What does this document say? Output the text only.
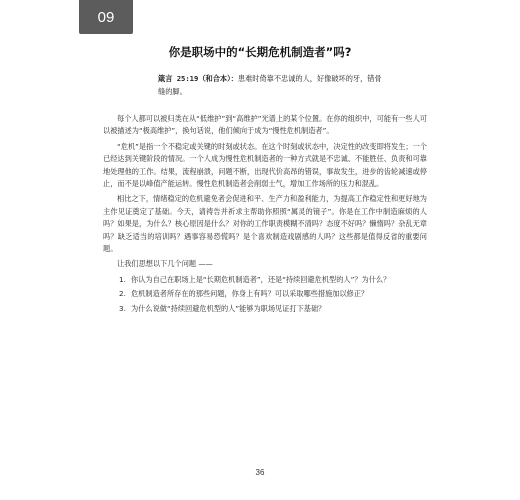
09
你是职场中的“长期危机制造者”吗?
箴言 25:19（和合本）：患难时倚靠不忠诚的人，好像破坏的牙，错骨缝的脚。

每个人都可以被归类在从“低维护”到“高维护”光谱上的某个位置。在你的组织中，可能有一些人可以被描述为“极高维护”，换句话说，他们倾向于成为“慢性危机制造者”。

“危机”是指一个不稳定或关键的时刻或状态。在这个时刻或状态中，决定性的改变即将发生；一个已经达到关键阶段的情况。一个人成为慢性危机制造者的一种方式就是不忠诚、不能胜任、负责和可靠地处理他的工作。结果，流程崩溃，问题不断，出现代价高昂的错误，事故发生，进步的齿轮减速或停止，而不是以峰值产能运转。慢性危机制造者会削弱士气，增加工作场所的压力和混乱。

相比之下，情绪稳定的危机避免者会促进和平、生产力和盈利能力，为提高工作稳定性和更好地为主作见证奠定了基础。今天，请祷告并祈求主帮助你照照“属灵的镜子”。你是在工作中制造麻烦的人吗？如果是，为什么？核心原因是什么？对你的工作职责模糊不清吗？态度不好吗？懒惰吗？杂乱无章吗？缺乏适当的培训吗？遇事容易恐慌吗？是个喜欢制造戏剧感的人吗？这些都是值得反省的重要问题。

让我们思想以下几个问题 ——
1. 你认为自己在职场上是“长期危机制造者”，还是“持续回避危机型的人”？为什么？
2. 危机制造者所存在的那些问题，你身上有吗？可以采取哪些措施加以修正？
3. 为什么说做“持续回避危机型的人”能够为职场见证打下基础？
36
